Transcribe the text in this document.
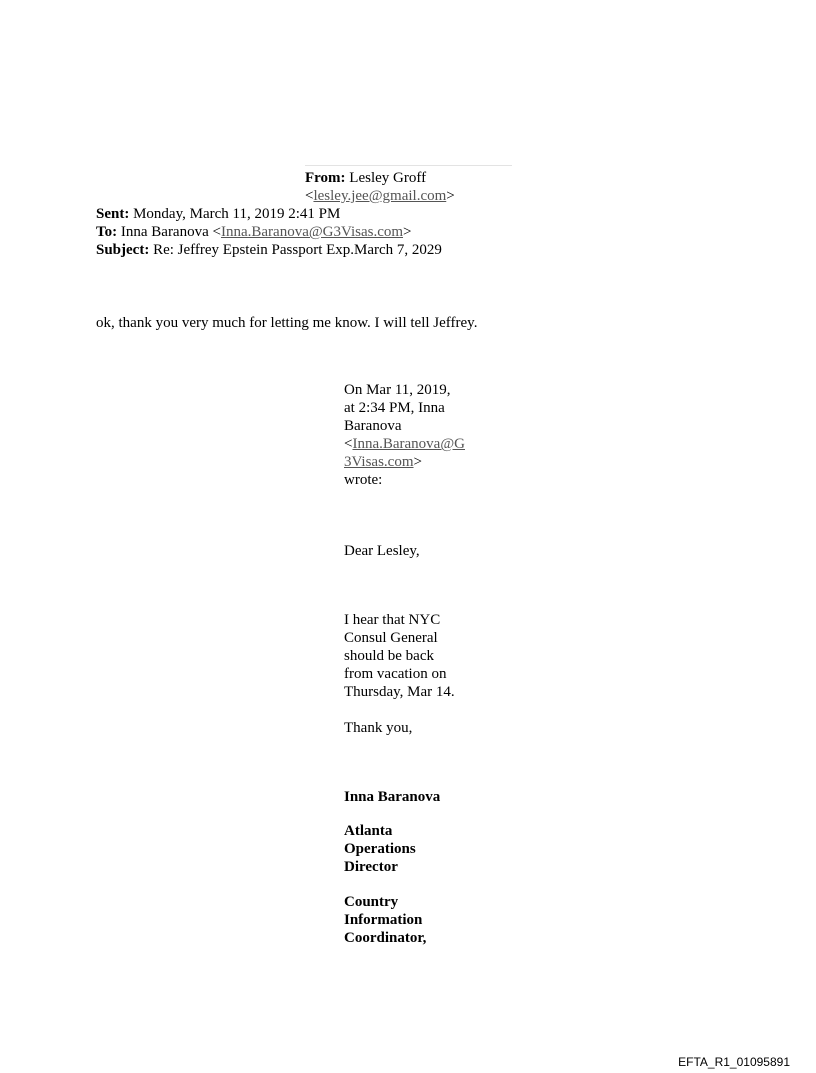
From: Lesley Groff
<lesley.jee@gmail.com>
Sent: Monday, March 11, 2019 2:41 PM
To: Inna Baranova <Inna.Baranova@G3Visas.com>
Subject: Re: Jeffrey Epstein Passport Exp.March 7, 2029
ok, thank you very much for letting me know. I will tell Jeffrey.
On Mar 11, 2019,
at 2:34 PM, Inna
Baranova
<Inna.Baranova@G
3Visas.com>
wrote:
Dear Lesley,
I hear that NYC
Consul General
should be back
from vacation on
Thursday, Mar 14.
Thank you,
Inna Baranova
Atlanta
Operations
Director
Country
Information
Coordinator,
EFTA_R1_01095891
